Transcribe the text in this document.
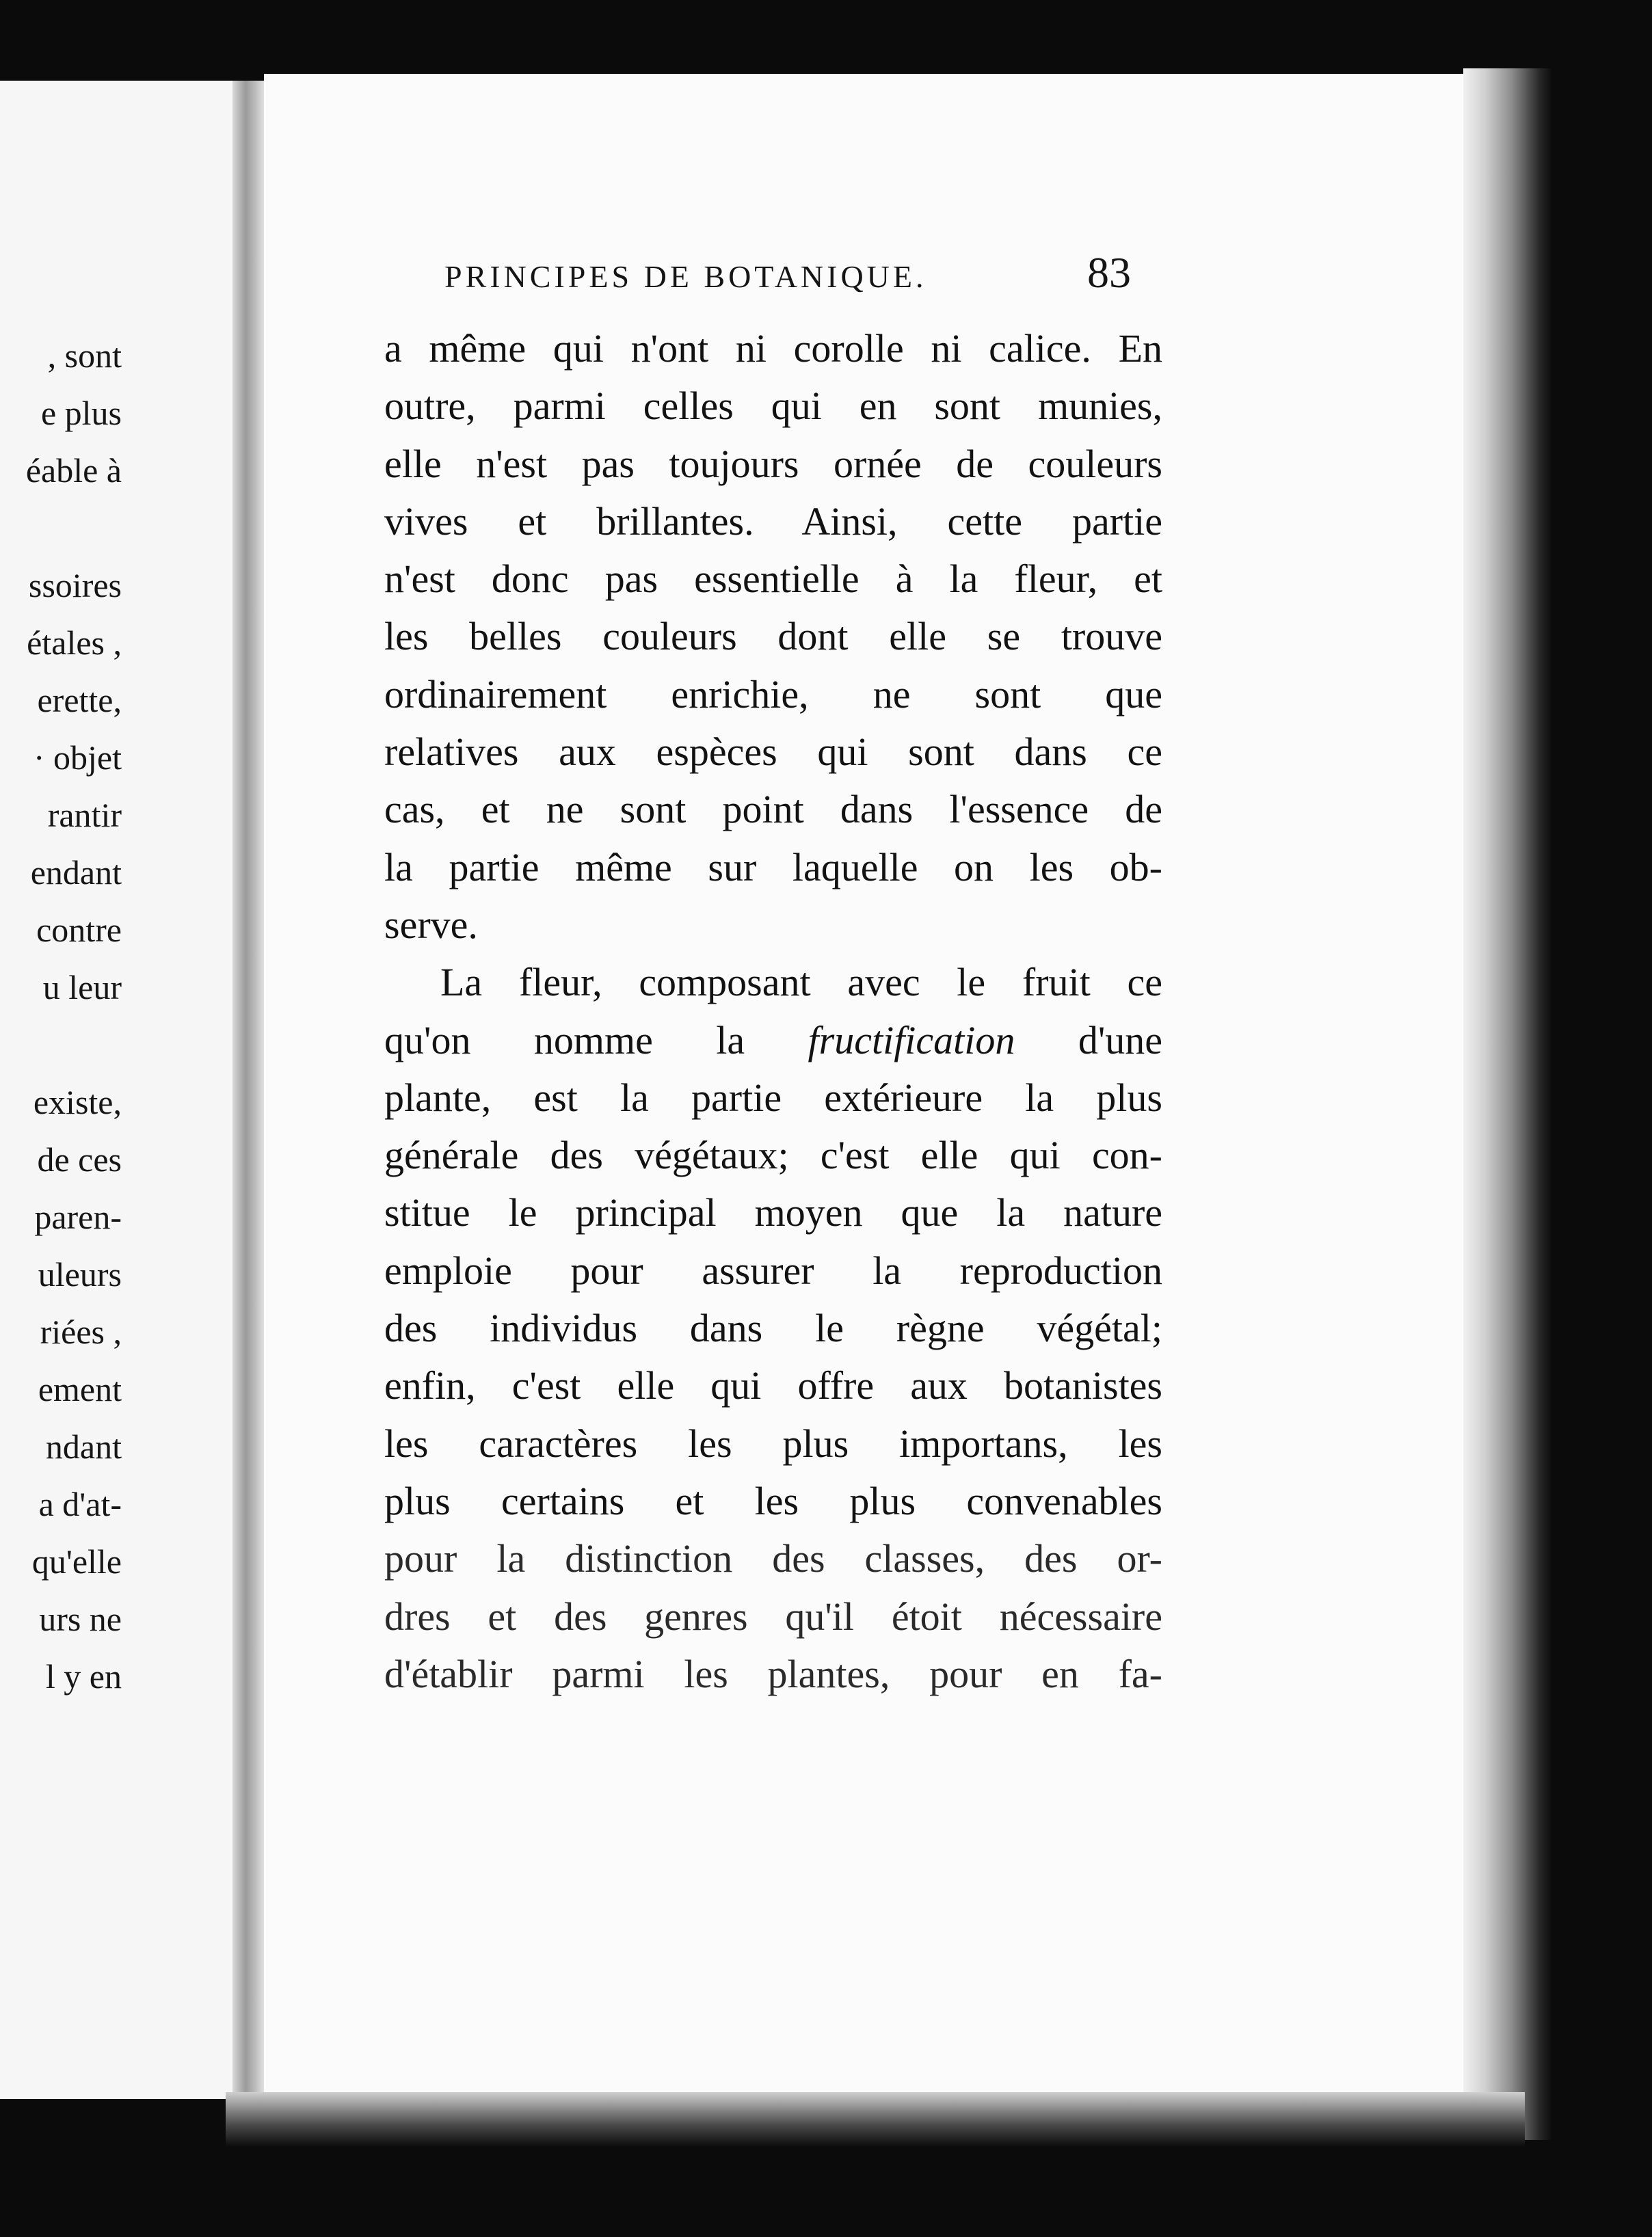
, sont
e plus
éable à
ssoires
étales ,
erette,
· objet
rantir
endant
contre
u leur
existe,
de ces
paren-
uleurs
riées ,
ement
ndant
a d'at-
qu'elle
urs ne
l y en
PRINCIPES DE BOTANIQUE.	83
a même qui n'ont ni corolle ni calice. En
outre, parmi celles qui en sont munies,
elle n'est pas toujours ornée de couleurs
vives et brillantes. Ainsi, cette partie
n'est donc pas essentielle à la fleur, et
les belles couleurs dont elle se trouve
ordinairement enrichie, ne sont que
relatives aux espèces qui sont dans ce
cas, et ne sont point dans l'essence de
la partie même sur laquelle on les ob-
serve.
La fleur, composant avec le fruit ce
qu'on nomme la fructification d'une
plante, est la partie extérieure la plus
générale des végétaux; c'est elle qui con-
stitue le principal moyen que la nature
emploie pour assurer la reproduction
des individus dans le règne végétal;
enfin, c'est elle qui offre aux botanistes
les caractères les plus importans, les
plus certains et les plus convenables
pour la distinction des classes, des or-
dres et des genres qu'il étoit nécessaire
d'établir parmi les plantes, pour en fa-
